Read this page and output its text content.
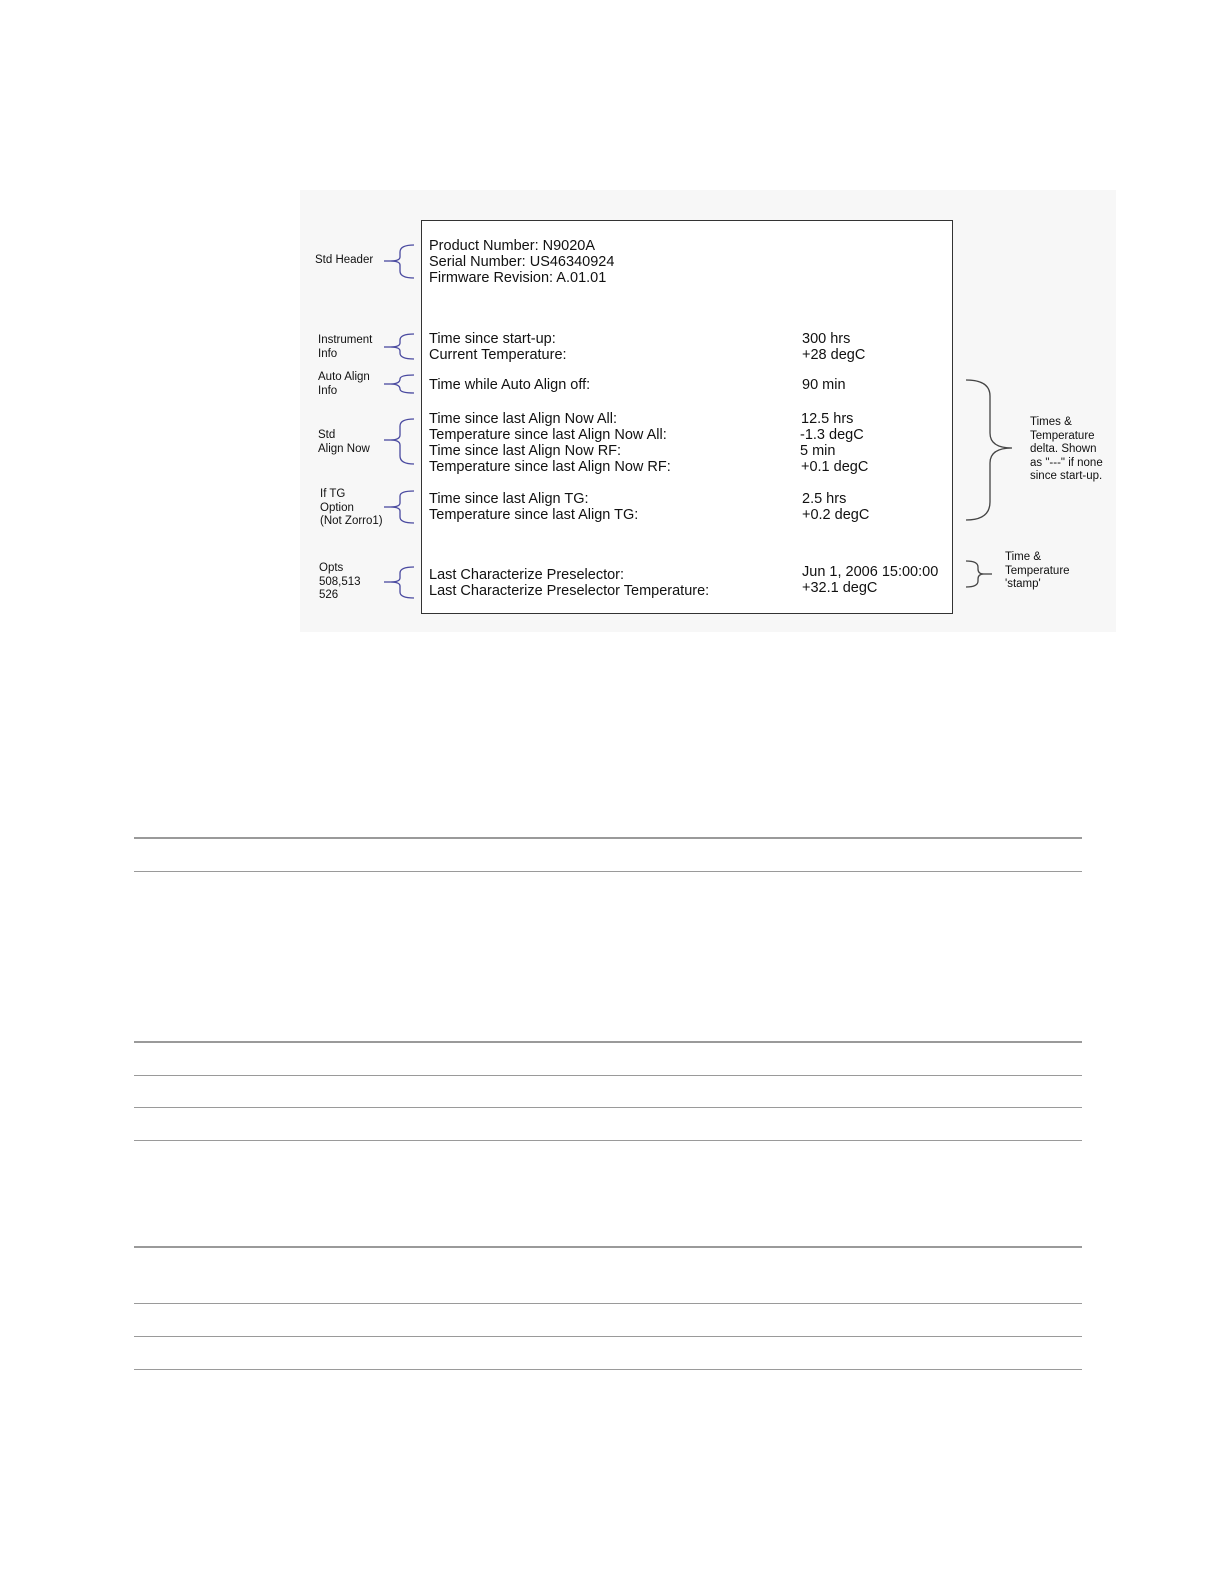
Std Header
Instrument
Info
Auto Align
Info
Std
Align Now
If TG
Option
(Not Zorro1)
Opts
508,513
526
Times &
Temperature
delta. Shown
as "---" if none
since start-up.
Time &
Temperature
'stamp'
Product Number: N9020A
Serial Number: US46340924
Firmware Revision: A.01.01
Time since start-up:	300 hrs
Current Temperature:	+28 degC
Time while Auto Align off:	90 min
Time since last Align Now All:	12.5 hrs
Temperature since last Align Now All:	-1.3 degC
Time since last Align Now RF:	5 min
Temperature since last Align Now RF:	+0.1 degC
Time since last Align TG:	2.5 hrs
Temperature since last Align TG:	+0.2 degC
Last Characterize Preselector:	Jun 1, 2006 15:00:00
Last Characterize Preselector Temperature:	+32.1 degC
